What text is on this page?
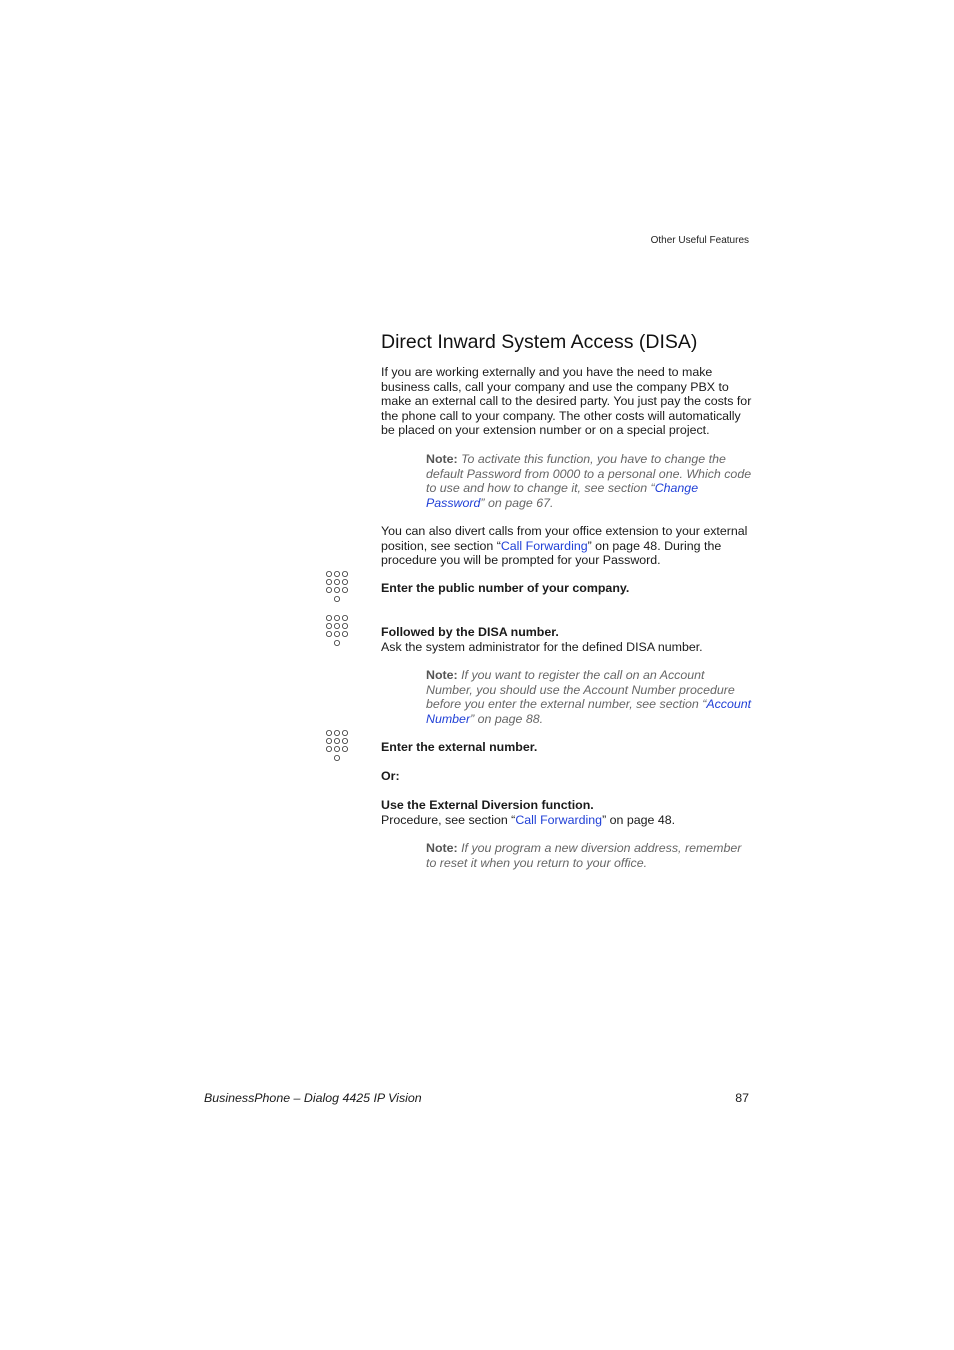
Other Useful Features
Direct Inward System Access (DISA)

If you are working externally and you have the need to make business calls, call your company and use the company PBX to make an external call to the desired party. You just pay the costs for the phone call to your company. The other costs will automatically be placed on your extension number or on a special project.

Note: To activate this function, you have to change the default Password from 0000 to a personal one. Which code to use and how to change it, see section “Change Password” on page 67.

You can also divert calls from your office extension to your external position, see section “Call Forwarding” on page 48. During the procedure you will be prompted for your Password.

Enter the public number of your company.

Followed by the DISA number.
Ask the system administrator for the defined DISA number.

Note: If you want to register the call on an Account Number, you should use the Account Number procedure before you enter the external number, see section “Account Number” on page 88.

Enter the external number.

Or:

Use the External Diversion function.
Procedure, see section “Call Forwarding” on page 48.

Note: If you program a new diversion address, remember to reset it when you return to your office.

BusinessPhone – Dialog 4425 IP Vision	87
